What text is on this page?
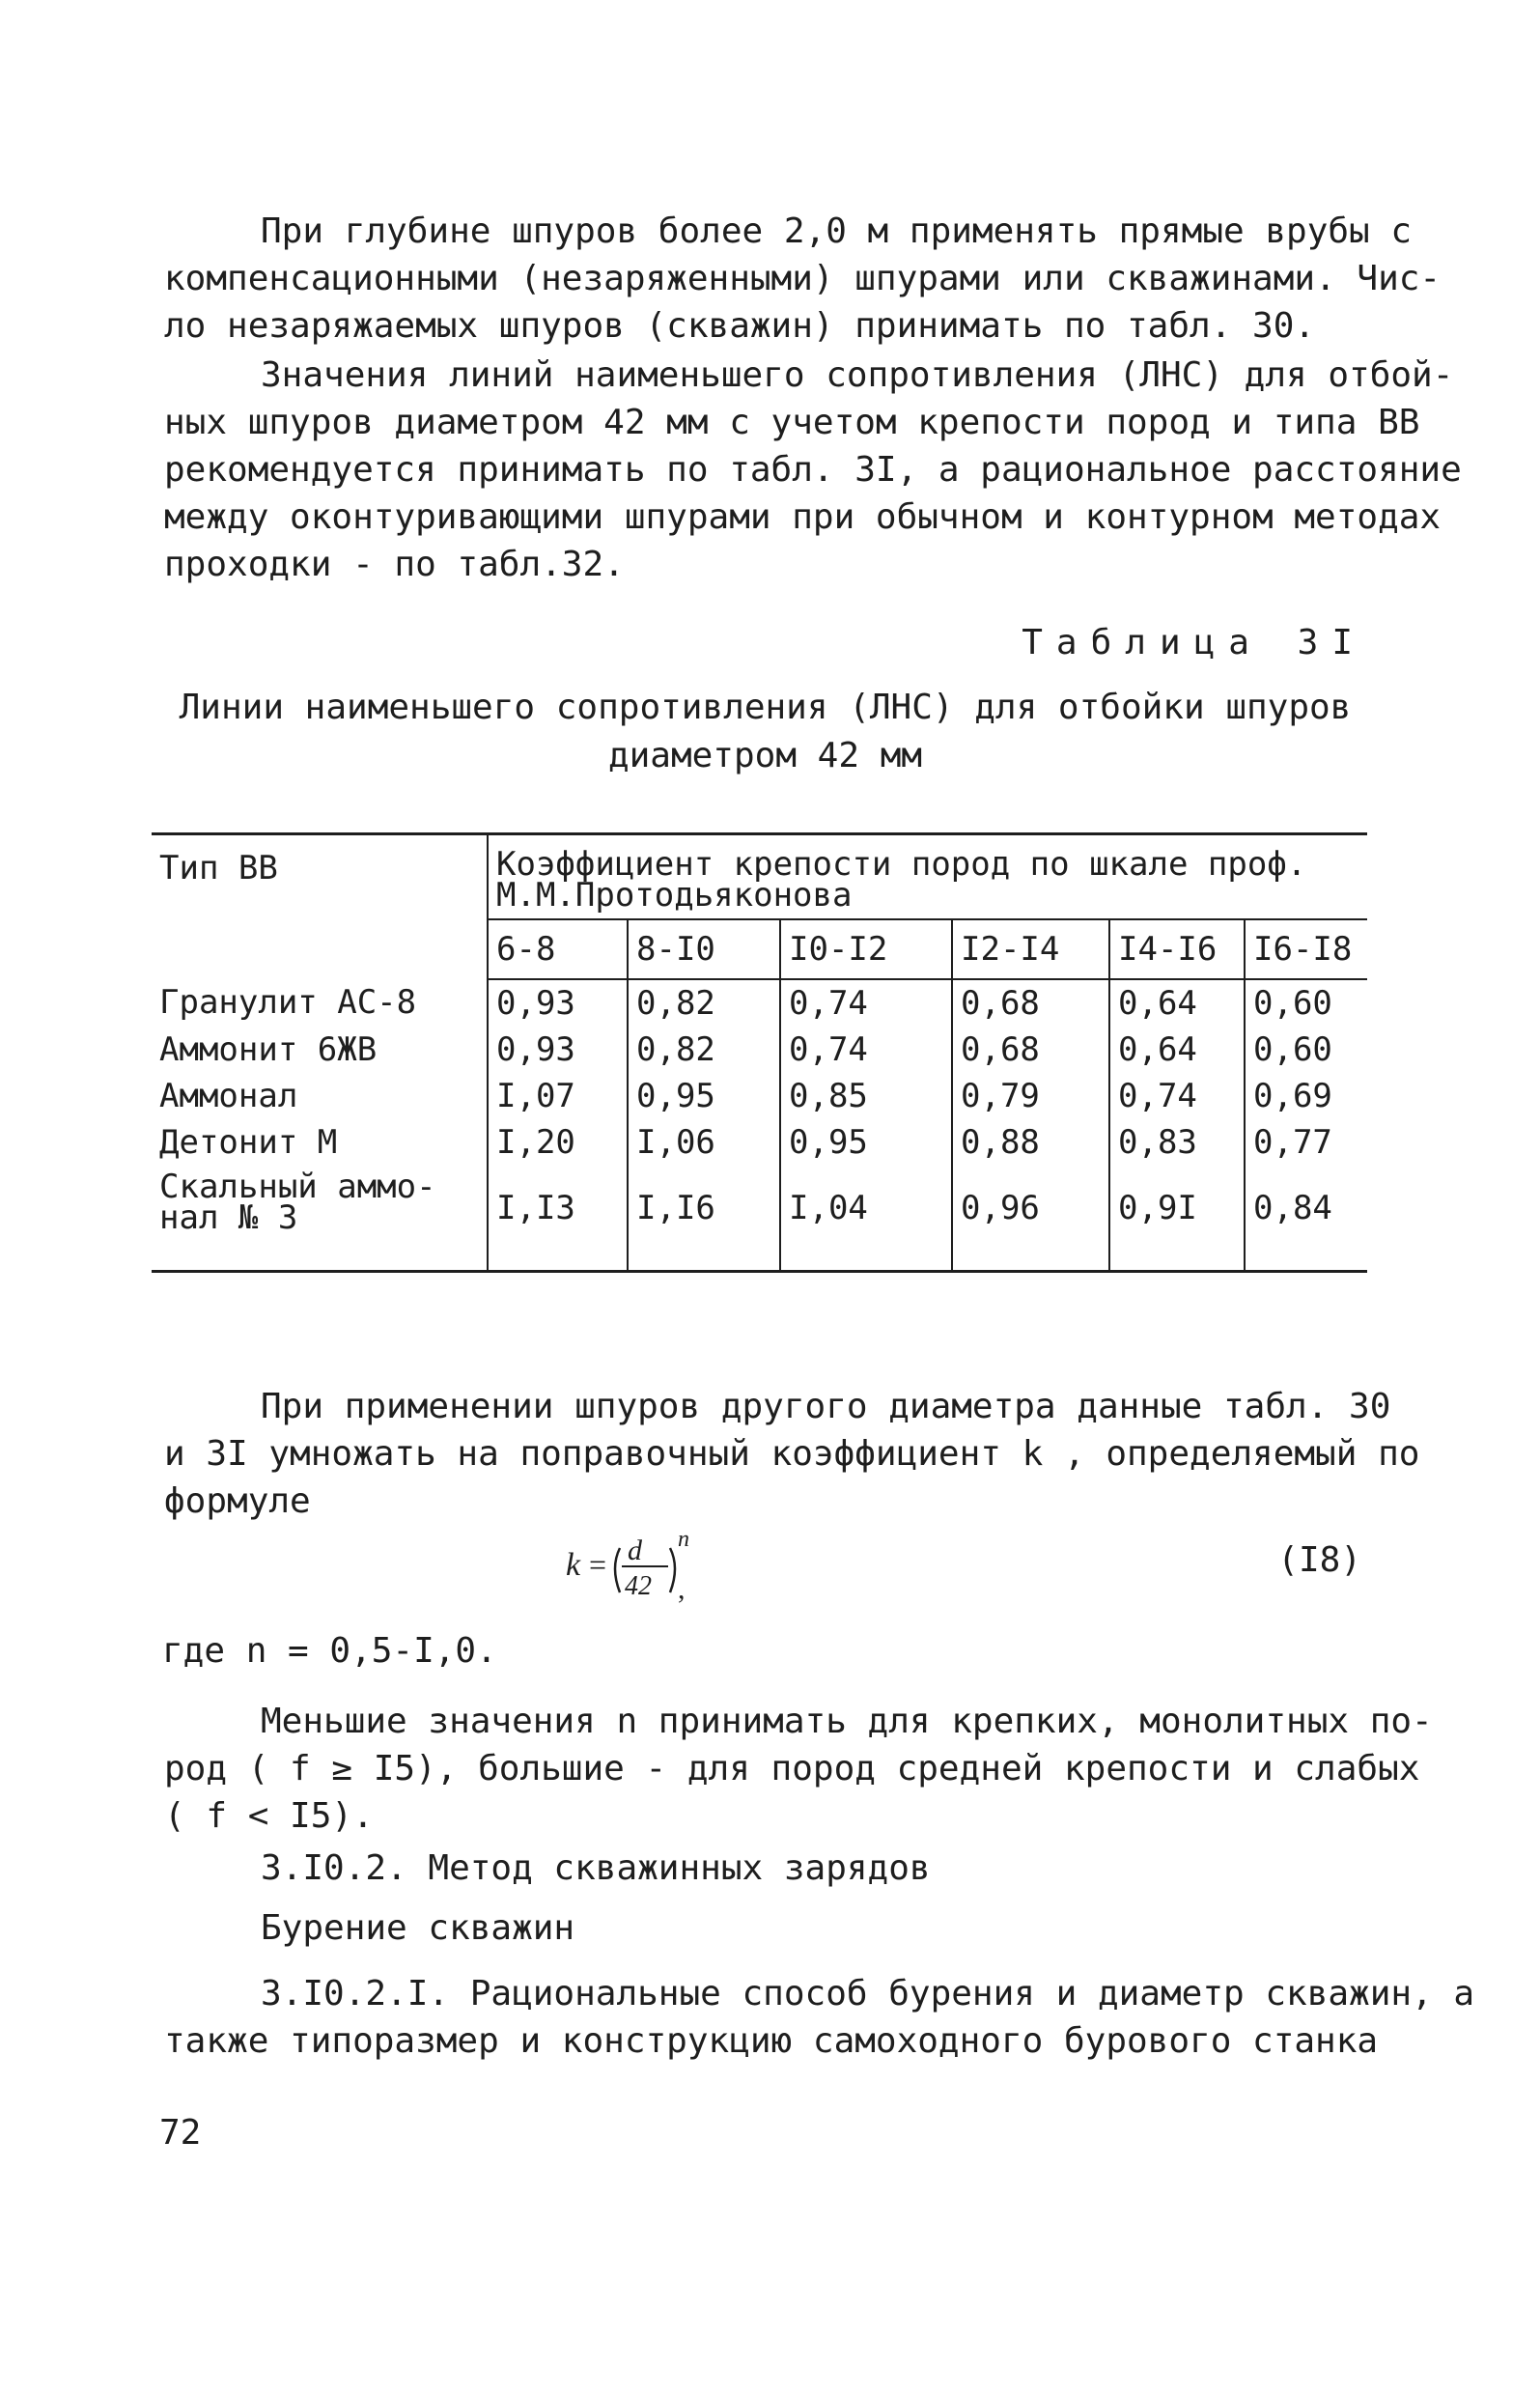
При глубине шпуров более 2,0 м применять прямые врубы с
компенсационными (незаряженными) шпурами или скважинами. Чис-
ло незаряжаемых шпуров (скважин) принимать по табл. 30.
Значения линий наименьшего сопротивления (ЛНС) для отбой-
ных шпуров диаметром 42 мм с учетом крепости пород и типа ВВ
рекомендуется принимать по табл. 3I, а рациональное расстояние
между оконтуривающими шпурами при обычном и контурном методах
проходки - по табл.32.
Таблица 3I
Линии наименьшего сопротивления (ЛНС) для отбойки шпуров
диаметром 42 мм
Тип ВВ	Коэффициент крепости пород по шкале проф.
М.М.Протодьяконова					

	6-8	8-I0	I0-I2	I2-I4	I4-I6	I6-I8
Гранулит АС-8	0,93	0,82	0,74	0,68	0,64	0,60
Аммонит 6ЖВ	0,93	0,82	0,74	0,68	0,64	0,60
Аммонал	I,07	0,95	0,85	0,79	0,74	0,69
Детонит М	I,20	I,06	0,95	0,88	0,83	0,77

Скальный аммо-
нал № 3	I,I3	I,I6	I,04	0,96	0,9I	0,84
При применении шпуров другого диаметра данные табл. 30
и 3I умножать на поправочный коэффициент k , определяемый по
формуле
k = d
42
n
,
(I8)
где n = 0,5-I,0.
Меньшие значения n принимать для крепких, монолитных по-
род ( f ≥ I5), большие - для пород средней крепости и слабых
( f < I5).
3.I0.2. Метод скважинных зарядов
Бурение скважин
3.I0.2.I. Рациональные способ бурения и диаметр скважин, а
также типоразмер и конструкцию самоходного бурового станка
72
